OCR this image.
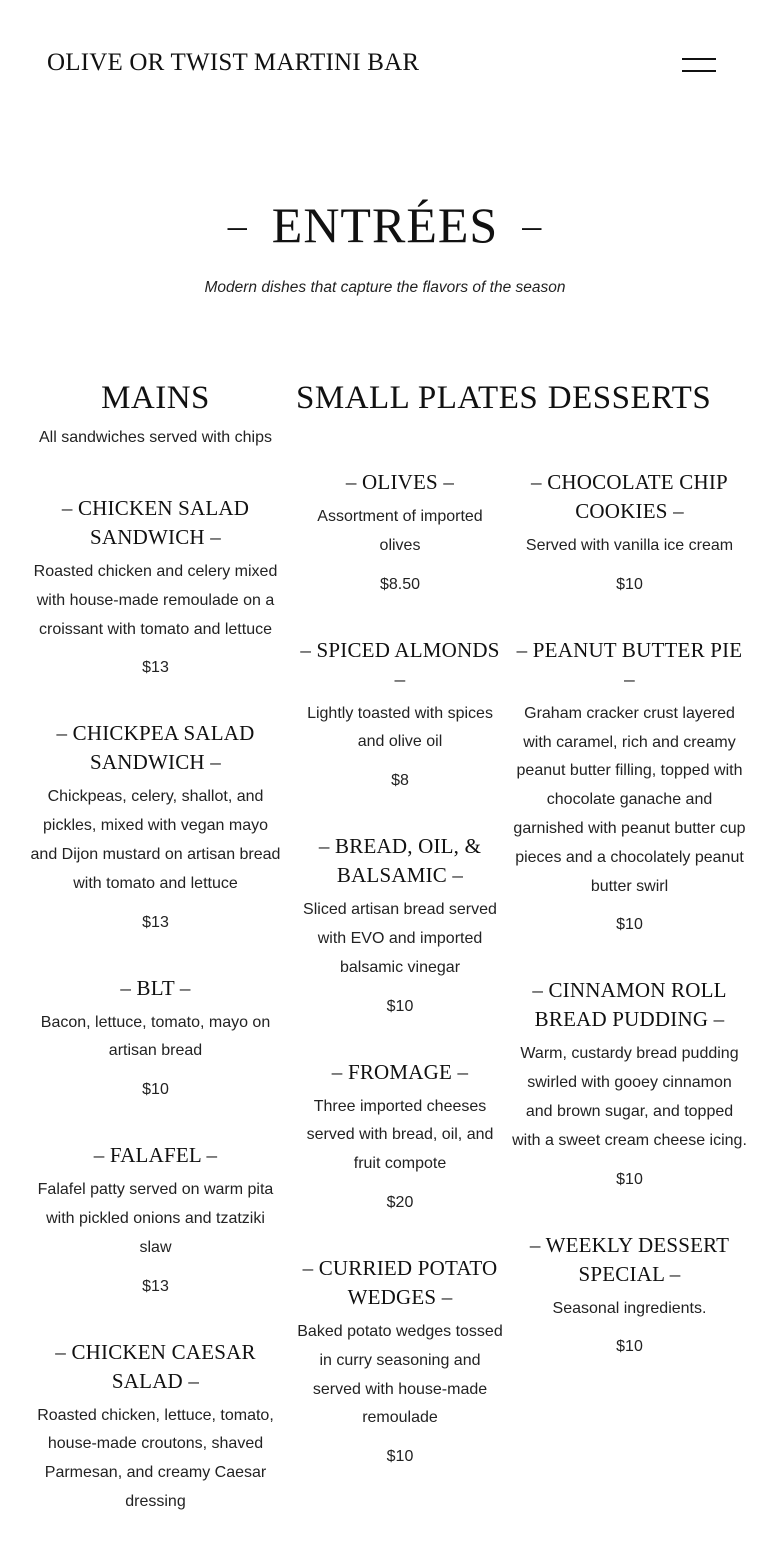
OLIVE OR TWIST MARTINI BAR
– ENTRÉES –
Modern dishes that capture the flavors of the season
MAINS
All sandwiches served with chips
– CHICKEN SALAD SANDWICH –
Roasted chicken and celery mixed with house-made remoulade on a croissant with tomato and lettuce
$13
– CHICKPEA SALAD SANDWICH –
Chickpeas, celery, shallot, and pickles, mixed with vegan mayo and Dijon mustard on artisan bread with tomato and lettuce
$13
– BLT –
Bacon, lettuce, tomato, mayo on artisan bread
$10
– FALAFEL –
Falafel patty served on warm pita with pickled onions and tzatziki slaw
$13
– CHICKEN CAESAR SALAD –
Roasted chicken, lettuce, tomato, house-made croutons, shaved Parmesan, and creamy Caesar dressing
SMALL PLATES
– OLIVES –
Assortment of imported olives
$8.50
– SPICED ALMONDS –
Lightly toasted with spices and olive oil
$8
– BREAD, OIL, & BALSAMIC –
Sliced artisan bread served with EVO and imported balsamic vinegar
$10
– FROMAGE –
Three imported cheeses served with bread, oil, and fruit compote
$20
– CURRIED POTATO WEDGES –
Baked potato wedges tossed in curry seasoning and served with house-made remoulade
$10
DESSERTS
– CHOCOLATE CHIP COOKIES –
Served with vanilla ice cream
$10
– PEANUT BUTTER PIE –
Graham cracker crust layered with caramel, rich and creamy peanut butter filling, topped with chocolate ganache and garnished with peanut butter cup pieces and a chocolately peanut butter swirl
$10
– CINNAMON ROLL BREAD PUDDING –
Warm, custardy bread pudding swirled with gooey cinnamon and brown sugar, and topped with a sweet cream cheese icing.
$10
– WEEKLY DESSERT SPECIAL –
Seasonal ingredients.
$10
